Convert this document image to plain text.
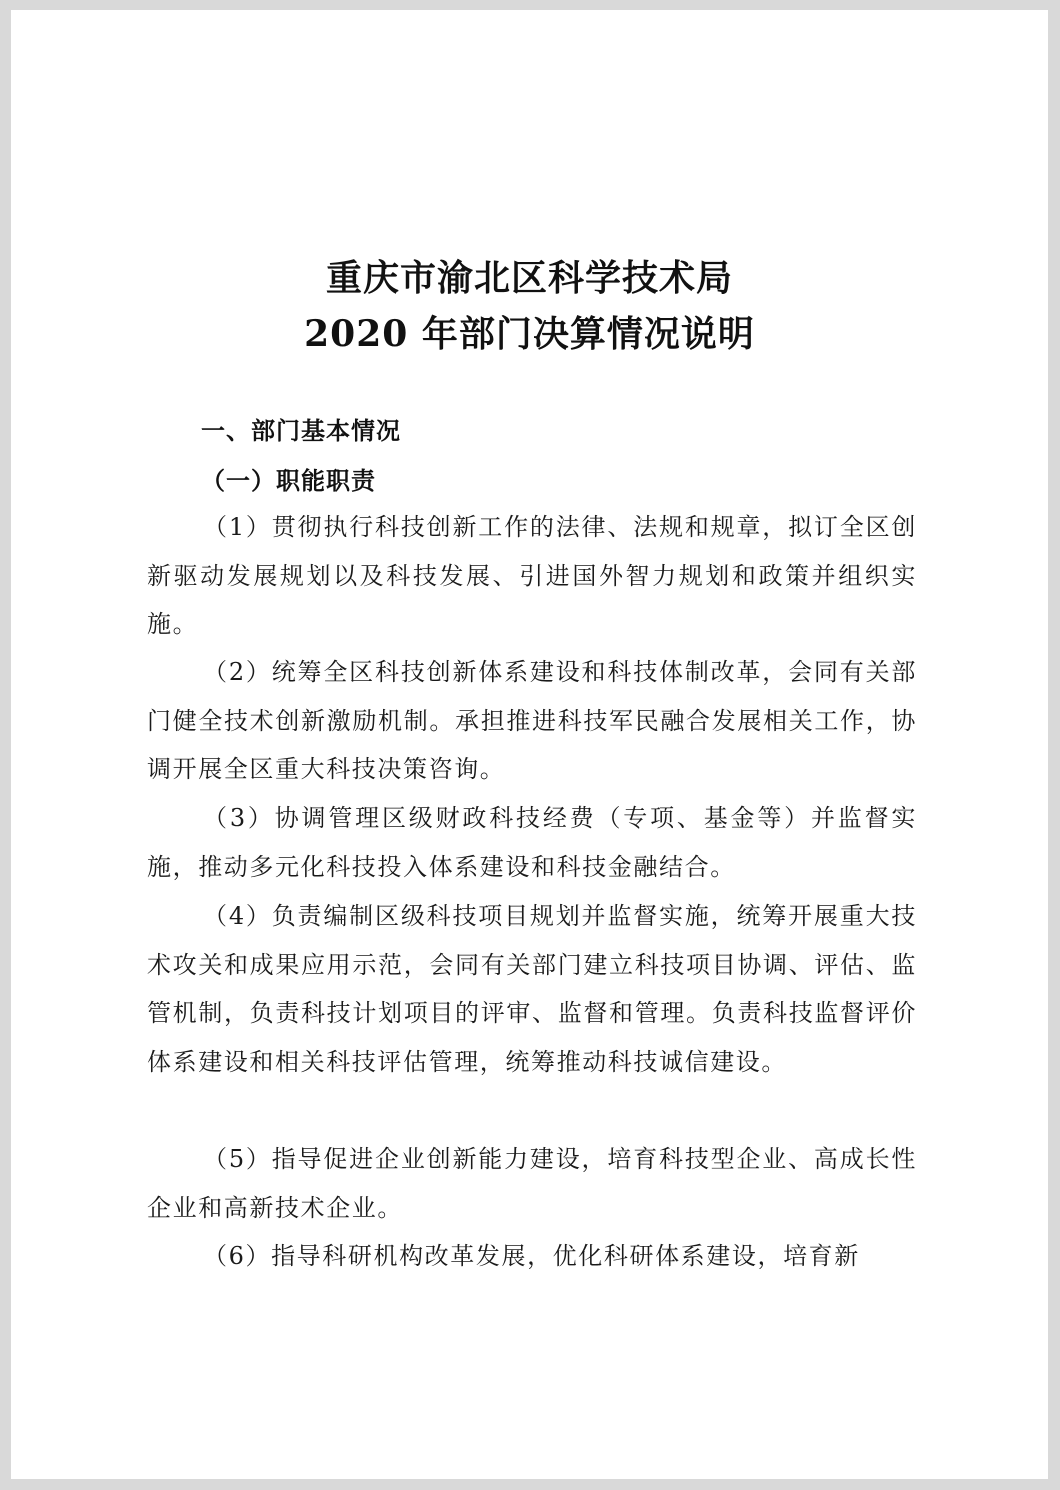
重庆市渝北区科学技术局
2020 年部门决算情况说明
一、部门基本情况
（一）职能职责

（1）贯彻执行科技创新工作的法律、法规和规章，拟订全区创新驱动发展规划以及科技发展、引进国外智力规划和政策并组织实施。

（2）统筹全区科技创新体系建设和科技体制改革，会同有关部门健全技术创新激励机制。承担推进科技军民融合发展相关工作，协调开展全区重大科技决策咨询。

（3）协调管理区级财政科技经费（专项、基金等）并监督实施，推动多元化科技投入体系建设和科技金融结合。

（4）负责编制区级科技项目规划并监督实施，统筹开展重大技术攻关和成果应用示范，会同有关部门建立科技项目协调、评估、监管机制，负责科技计划项目的评审、监督和管理。负责科技监督评价体系建设和相关科技评估管理，统筹推动科技诚信建设。

（5）指导促进企业创新能力建设，培育科技型企业、高成长性企业和高新技术企业。

（6）指导科研机构改革发展，优化科研体系建设，培育新
